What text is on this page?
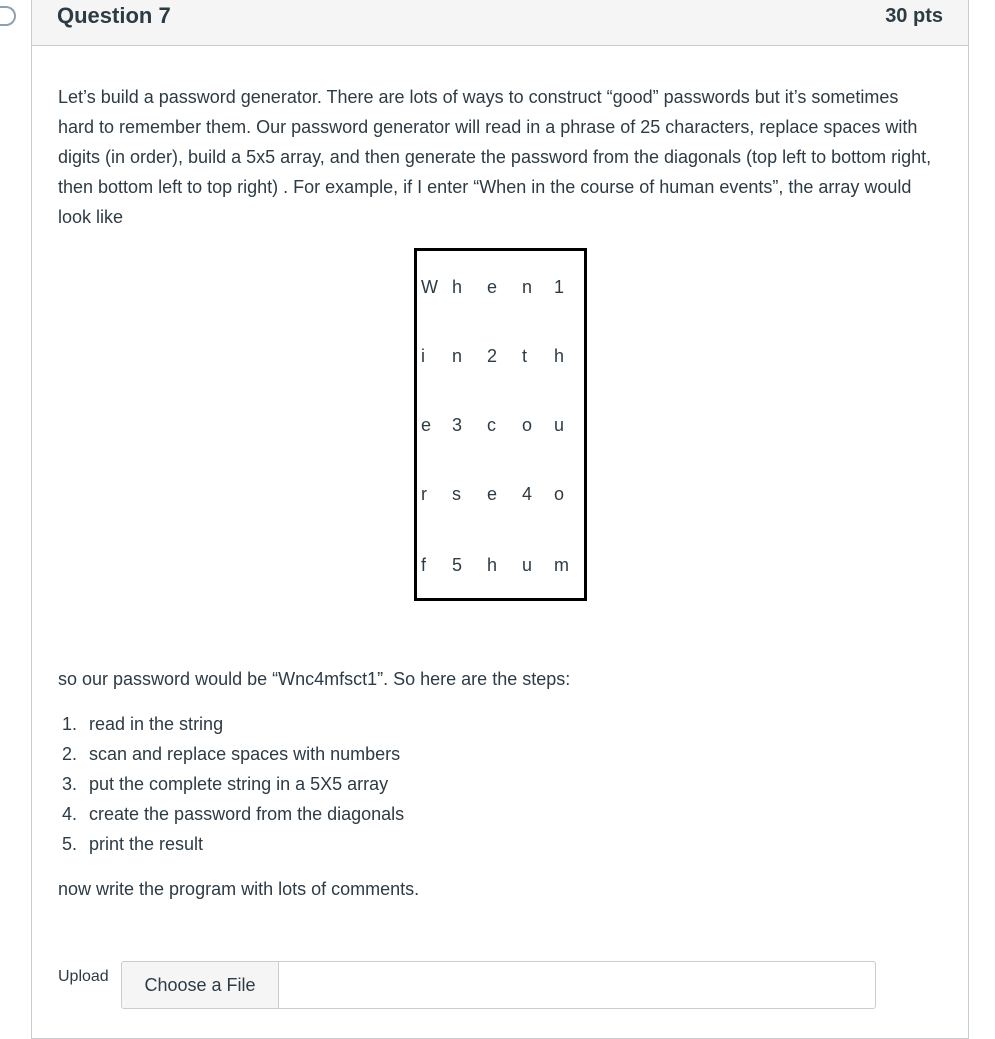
Question 7	30 pts
Let’s build a password generator. There are lots of ways to construct “good” passwords but it’s sometimes hard to remember them. Our password generator will read in a phrase of 25 characters, replace spaces with digits (in order), build a 5x5 array, and then generate the password from the diagonals (top left to bottom right, then bottom left to top right) . For example, if I enter “When in the course of human events”, the array would look like
W h	e	n	1
i	n	2	t	h
e	3	c	o	u
r	s	e	4	o
f	5	h	u	m
so our password would be “Wnc4mfsct1”. So here are the steps:
1. read in the string
2. scan and replace spaces with numbers
3. put the complete string in a 5X5 array
4. create the password from the diagonals
5. print the result
now write the program with lots of comments.
Upload	Choose a File
